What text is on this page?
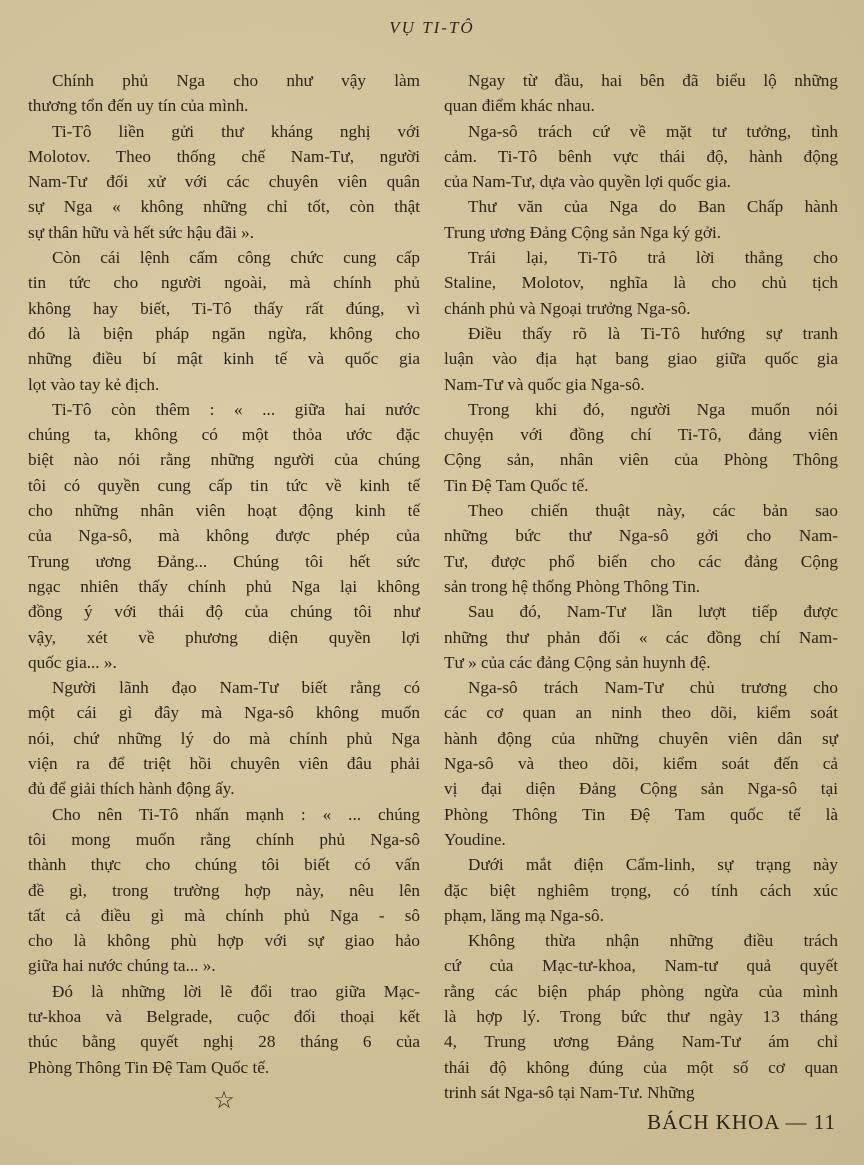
VỤ TI-TÔ

Chính phủ Nga cho như vậy làm
thương tổn đến uy tín của mình.

Ti-Tô liền gửi thư kháng nghị với
Molotov. Theo thống chế Nam-Tư, người
Nam-Tư đối xử với các chuyên viên quân
sự Nga « không những chỉ tốt, còn thật
sự thân hữu và hết sức hậu đãi ».

Còn cái lệnh cấm công chức cung cấp
tin tức cho người ngoài, mà chính phủ
không hay biết, Ti-Tô thấy rất đúng, vì
đó là biện pháp ngăn ngừa, không cho
những điều bí mật kinh tế và quốc gia
lọt vào tay kẻ địch.

Ti-Tô còn thêm : « ... giữa hai nước
chúng ta, không có một thỏa ước đặc
biệt nào nói rằng những người của chúng
tôi có quyền cung cấp tin tức về kinh tế
cho những nhân viên hoạt động kinh tế
của Nga-sô, mà không được phép của
Trung ương Đảng... Chúng tôi hết sức
ngạc nhiên thấy chính phủ Nga lại không
đồng ý với thái độ của chúng tôi như
vậy, xét về phương diện quyền lợi
quốc gia... ».

Người lãnh đạo Nam-Tư biết rằng có
một cái gì đây mà Nga-sô không muốn
nói, chứ những lý do mà chính phủ Nga
viện ra để triệt hồi chuyên viên đâu phải
đủ để giải thích hành động ấy.

Cho nên Ti-Tô nhấn mạnh : « ... chúng
tôi mong muốn rằng chính phủ Nga-sô
thành thực cho chúng tôi biết có vấn
đề gì, trong trường hợp này, nêu lên
tất cả điều gì mà chính phủ Nga - sô
cho là không phù hợp với sự giao hảo
giữa hai nước chúng ta... ».

Đó là những lời lẽ đổi trao giữa Mạc-
tư-khoa và Belgrade, cuộc đối thoại kết
thúc bằng quyết nghị 28 tháng 6 của
Phòng Thông Tin Đệ Tam Quốc tế.

☆

Ngay từ đầu, hai bên đã biểu lộ những
quan điểm khác nhau.

Nga-sô trách cứ về mặt tư tưởng, tình
cảm. Ti-Tô bênh vực thái độ, hành động
của Nam-Tư, dựa vào quyền lợi quốc gia.

Thư văn của Nga do Ban Chấp hành
Trung ương Đảng Cộng sản Nga ký gởi.

Trái lại, Ti-Tô trả lời thẳng cho
Staline, Molotov, nghĩa là cho chủ tịch
chánh phủ và Ngoại trưởng Nga-sô.

Điều thấy rõ là Ti-Tô hướng sự tranh
luận vào địa hạt bang giao giữa quốc gia
Nam-Tư và quốc gia Nga-sô.

Trong khi đó, người Nga muốn nói
chuyện với đồng chí Ti-Tô, đảng viên
Cộng sản, nhân viên của Phòng Thông
Tin Đệ Tam Quốc tế.

Theo chiến thuật này, các bản sao
những bức thư Nga-sô gởi cho Nam-
Tư, được phổ biến cho các đảng Cộng
sản trong hệ thống Phòng Thông Tin.

Sau đó, Nam-Tư lần lượt tiếp được
những thư phản đối « các đồng chí Nam-
Tư » của các đảng Cộng sản huynh đệ.

Nga-sô trách Nam-Tư chủ trương cho
các cơ quan an ninh theo dõi, kiểm soát
hành động của những chuyên viên dân sự
Nga-sô và theo dõi, kiểm soát đến cả
vị đại diện Đảng Cộng sản Nga-sô tại
Phòng Thông Tin Đệ Tam quốc tế là
Youdine.

Dưới mắt điện Cẩm-linh, sự trạng này
đặc biệt nghiêm trọng, có tính cách xúc
phạm, lăng mạ Nga-sô.

Không thừa nhận những điều trách
cứ của Mạc-tư-khoa, Nam-tư quả quyết
rằng các biện pháp phòng ngừa của mình
là hợp lý. Trong bức thư ngày 13 tháng
4, Trung ương Đảng Nam-Tư ám chỉ
thái độ không đúng của một số cơ quan
trinh sát Nga-sô tại Nam-Tư. Những

BÁCH KHOA — 11
